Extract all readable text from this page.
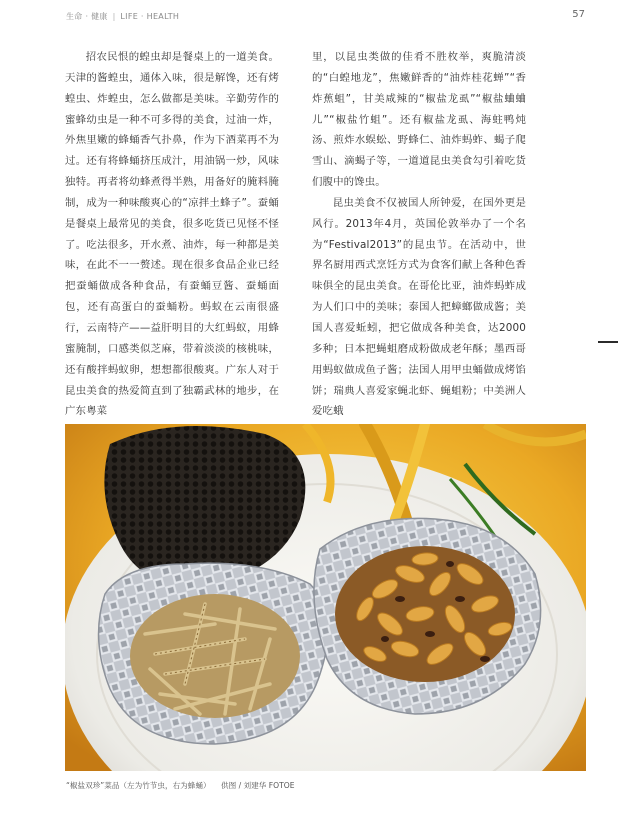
生命 · 健康 | LIFE · HEALTH	57

招农民恨的蝗虫却是餐桌上的一道美食。天津的酱蝗虫，通体入味，很是解馋，还有烤蝗虫、炸蝗虫，怎么做都是美味。辛勤劳作的蜜蜂幼虫是一种不可多得的美食，过油一炸，外焦里嫩的蜂蛹香气扑鼻，作为下酒菜再不为过。还有将蜂蛹挤压成汁，用油锅一炒，风味独特。再者将幼蜂煮得半熟，用备好的腌料腌制，成为一种味酸爽心的“凉拌土蜂子”。蚕蛹是餐桌上最常见的美食，很多吃货已见怪不怪了。吃法很多，开水煮、油炸，每一种都是美味，在此不一一赘述。现在很多食品企业已经把蚕蛹做成各种食品，有蚕蛹豆酱、蚕蛹面包，还有高蛋白的蚕蛹粉。蚂蚁在云南很盛行，云南特产——益肝明目的大红蚂蚁，用蜂蜜腌制，口感类似芝麻，带着淡淡的核桃味，还有酸拌蚂蚁卵，想想都很酸爽。广东人对于昆虫美食的热爱简直到了独霸武林的地步，在广东粤菜

里，以昆虫类做的佳肴不胜枚举，爽脆清淡的“白蝗地龙”，焦嫩鲜香的“油炸桂花蝉”“香炸蕉蛆”，甘美咸辣的“椒盐龙虱”“椒盐蛐蛐儿”“椒盐竹蛆”。还有椒盐龙虱、海蛀鸭炖汤、煎炸水蜈蚣、野蜂仁、油炸蚂蚱、蝎子爬雪山、滴蝎子等，一道道昆虫美食勾引着吃货们腹中的馋虫。

昆虫美食不仅被国人所钟爱，在国外更是风行。2013年4月，英国伦敦举办了一个名为“Festival2013”的昆虫节。在活动中，世界名厨用西式烹饪方式为食客们献上各种色香味俱全的昆虫美食。在哥伦比亚，油炸蚂蚱成为人们口中的美味；泰国人把蟑螂做成酱；美国人喜爱蚯蚓，把它做成各种美食，达2000多种；日本把蝇蛆磨成粉做成老年酥；墨西哥用蚂蚁做成鱼子酱；法国人用甲虫蛹做成烤馅饼；瑞典人喜爱家蝇北虾、蝇蛆粉；中美洲人爱吃蛾

“椒盐双珍”菜品（左为竹节虫，右为蜂蛹） 供图 / 刘建华 FOTOE
